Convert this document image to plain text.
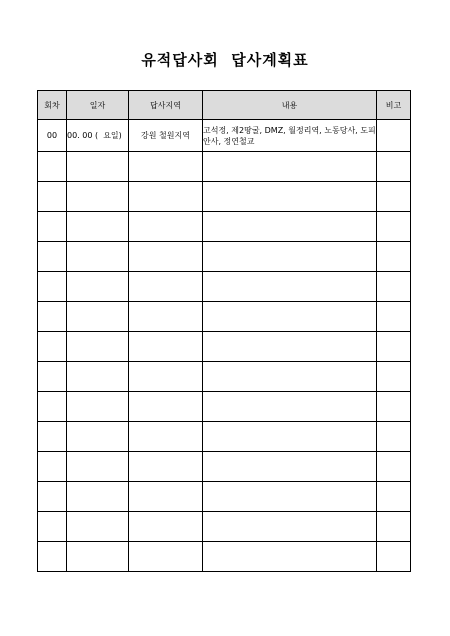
유적답사회  답사계획표
회차	일자	답사지역	내용	비고
00	00. 00 (  요일)	강원 철원지역	고석정, 제2땅굴, DMZ, 월정리역, 노동당사, 도피안사, 정연철교	
